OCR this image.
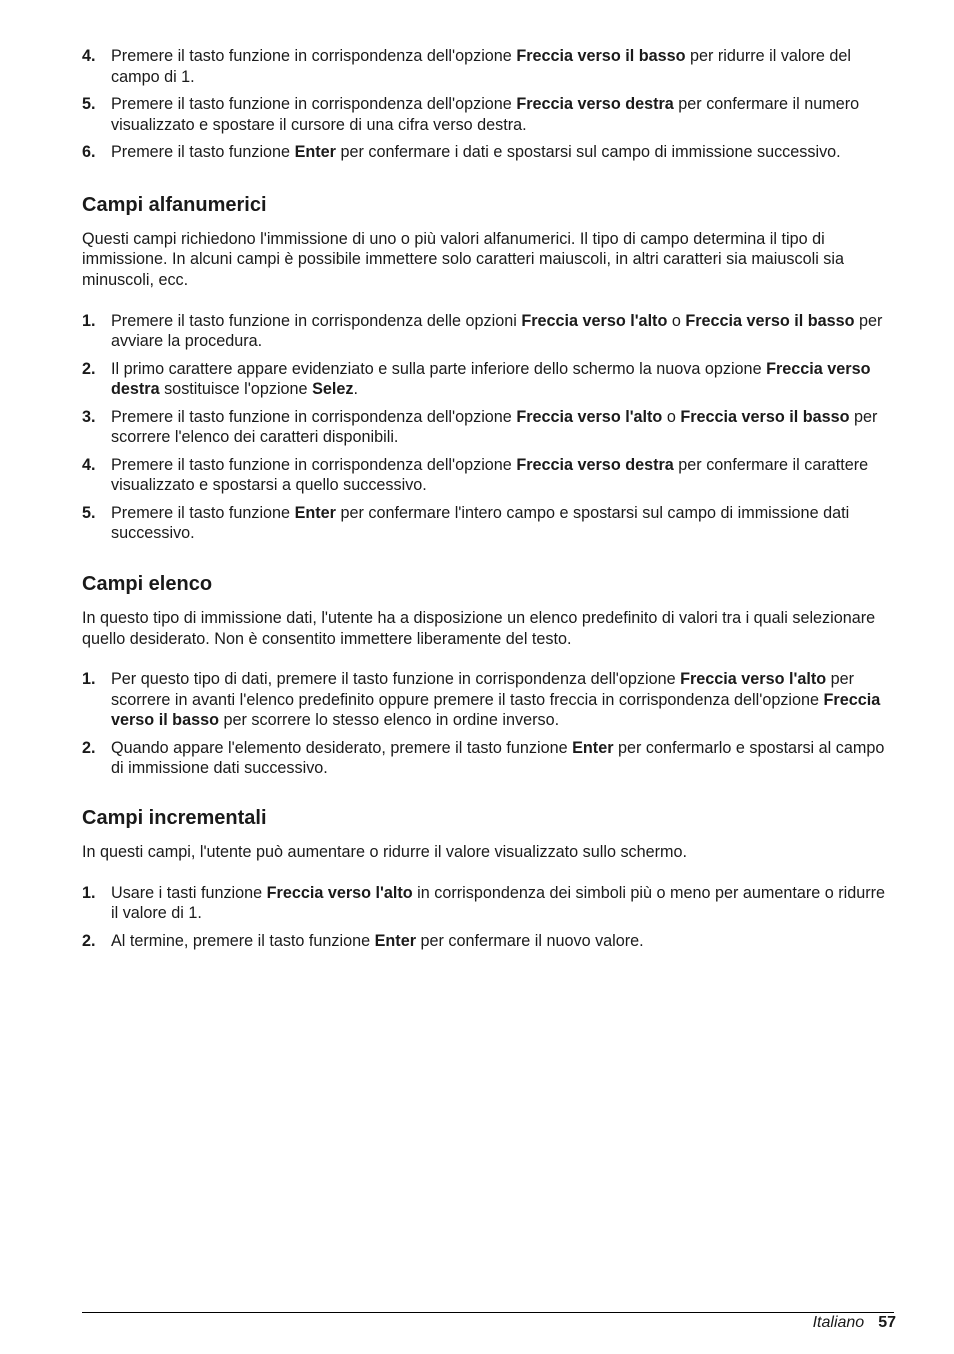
4. Premere il tasto funzione in corrispondenza dell'opzione Freccia verso il basso per ridurre il valore del campo di 1.
5. Premere il tasto funzione in corrispondenza dell'opzione Freccia verso destra per confermare il numero visualizzato e spostare il cursore di una cifra verso destra.
6. Premere il tasto funzione Enter per confermare i dati e spostarsi sul campo di immissione successivo.
Campi alfanumerici

Questi campi richiedono l'immissione di uno o più valori alfanumerici. Il tipo di campo determina il tipo di immissione. In alcuni campi è possibile immettere solo caratteri maiuscoli, in altri caratteri sia maiuscoli sia minuscoli, ecc.

1. Premere il tasto funzione in corrispondenza delle opzioni Freccia verso l'alto o Freccia verso il basso per avviare la procedura.
2. Il primo carattere appare evidenziato e sulla parte inferiore dello schermo la nuova opzione Freccia verso destra sostituisce l'opzione Selez.
3. Premere il tasto funzione in corrispondenza dell'opzione Freccia verso l'alto o Freccia verso il basso per scorrere l'elenco dei caratteri disponibili.
4. Premere il tasto funzione in corrispondenza dell'opzione Freccia verso destra per confermare il carattere visualizzato e spostarsi a quello successivo.
5. Premere il tasto funzione Enter per confermare l'intero campo e spostarsi sul campo di immissione dati successivo.
Campi elenco

In questo tipo di immissione dati, l'utente ha a disposizione un elenco predefinito di valori tra i quali selezionare quello desiderato. Non è consentito immettere liberamente del testo.

1. Per questo tipo di dati, premere il tasto funzione in corrispondenza dell'opzione Freccia verso l'alto per scorrere in avanti l'elenco predefinito oppure premere il tasto freccia in corrispondenza dell'opzione Freccia verso il basso per scorrere lo stesso elenco in ordine inverso.
2. Quando appare l'elemento desiderato, premere il tasto funzione Enter per confermarlo e spostarsi al campo di immissione dati successivo.
Campi incrementali

In questi campi, l'utente può aumentare o ridurre il valore visualizzato sullo schermo.

1. Usare i tasti funzione Freccia verso l'alto in corrispondenza dei simboli più o meno per aumentare o ridurre il valore di 1.
2. Al termine, premere il tasto funzione Enter per confermare il nuovo valore.
Italiano 57
